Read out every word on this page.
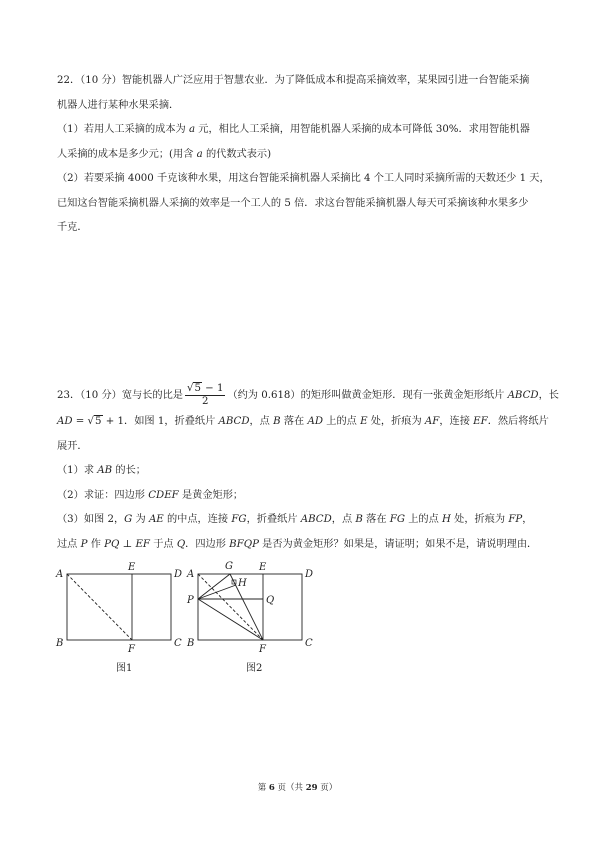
22．（10 分）智能机器人广泛应用于智慧农业．为了降低成本和提高采摘效率，某果园引进一台智能采摘
机器人进行某种水果采摘．
（1）若用人工采摘的成本为 a 元，相比人工采摘，用智能机器人采摘的成本可降低 30%．求用智能机器
人采摘的成本是多少元；(用含 a 的代数式表示)
（2）若要采摘 4000 千克该种水果，用这台智能采摘机器人采摘比 4 个工人同时采摘所需的天数还少 1 天，
已知这台智能采摘机器人采摘的效率是一个工人的 5 倍．求这台智能采摘机器人每天可采摘该种水果多少
千克．
23．（10 分）宽与长的比是 $\frac{√5 - 1}{2}$ （约为 0.618）的矩形叫做黄金矩形．现有一张黄金矩形纸片 ABCD，长
AD = √5 + 1．如图 1，折叠纸片 ABCD，点 B 落在 AD 上的点 E 处，折痕为 AF，连接 EF．然后将纸片
展开．
（1）求 AB 的长；
（2）求证：四边形 CDEF 是黄金矩形；
（3）如图 2，G 为 AE 的中点，连接 FG，折叠纸片 ABCD，点 B 落在 FG 上的点 H 处，折痕为 FP，
过点 P 作 PQ ⊥ EF 于点 Q．四边形 BFQP 是否为黄金矩形？如果是，请证明；如果不是，请说明理由．
A
E
D
B
F
C
图1
A
G	E
D
H
P	Q
B
F
C
图2
第 6 页（共 29 页）
